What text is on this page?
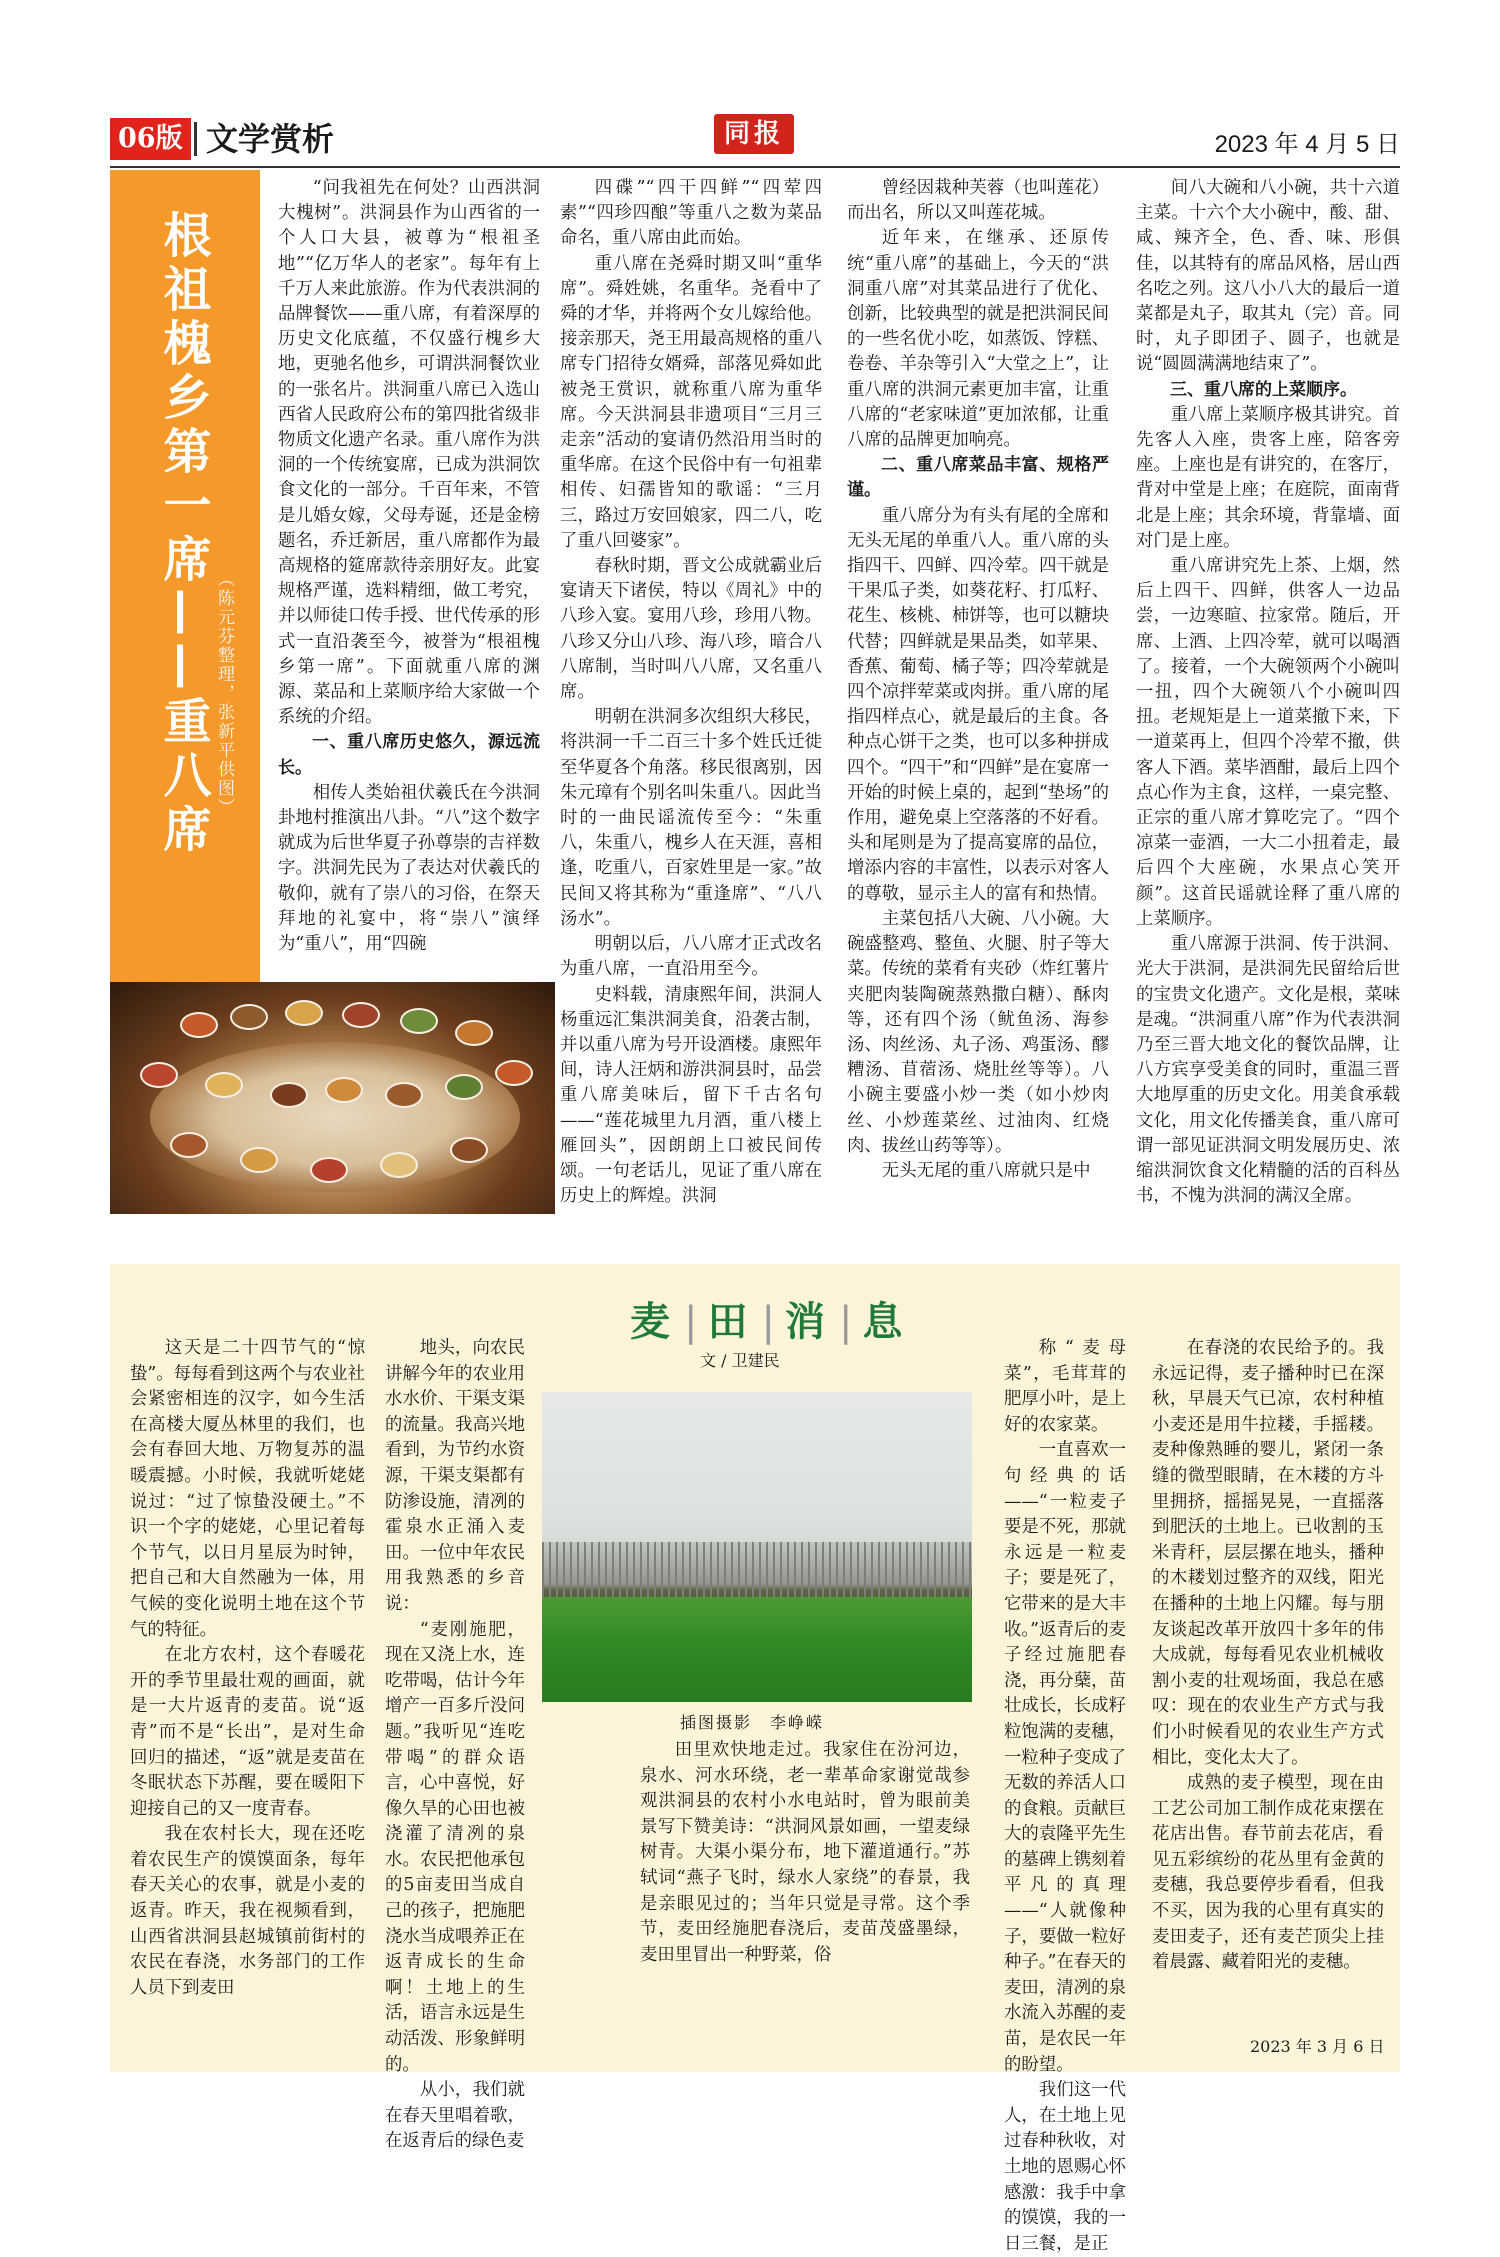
06版 文学赏析	同报	2023 年 4 月 5 日
根祖槐乡第一席——重八席 （陈元芬整理，张新平供图）

“问我祖先在何处？山西洪洞大槐树”。洪洞县作为山西省的一个人口大县，被尊为“根祖圣地”“亿万华人的老家”。每年有上千万人来此旅游。作为代表洪洞的品牌餐饮——重八席，有着深厚的历史文化底蕴，不仅盛行槐乡大地，更驰名他乡，可谓洪洞餐饮业的一张名片。洪洞重八席已入选山西省人民政府公布的第四批省级非物质文化遗产名录。重八席作为洪洞的一个传统宴席，已成为洪洞饮食文化的一部分。千百年来，不管是儿婚女嫁，父母寿诞，还是金榜题名，乔迁新居，重八席都作为最高规格的筵席款待亲朋好友。此宴规格严谨，选料精细，做工考究，并以师徒口传手授、世代传承的形式一直沿袭至今，被誉为“根祖槐乡第一席”。下面就重八席的渊源、菜品和上菜顺序给大家做一个系统的介绍。

一、重八席历史悠久，源远流长。

相传人类始祖伏羲氏在今洪洞卦地村推演出八卦。“八”这个数字就成为后世华夏子孙尊崇的吉祥数字。洪洞先民为了表达对伏羲氏的敬仰，就有了崇八的习俗，在祭天拜地的礼宴中，将“崇八”演绎为“重八”，用“四碗

四碟”“四干四鲜”“四荤四素”“四珍四酿”等重八之数为菜品命名，重八席由此而始。

重八席在尧舜时期又叫“重华席”。舜姓姚，名重华。尧看中了舜的才华，并将两个女儿嫁给他。接亲那天，尧王用最高规格的重八席专门招待女婿舜，部落见舜如此被尧王赏识，就称重八席为重华席。今天洪洞县非遗项目“三月三走亲”活动的宴请仍然沿用当时的重华席。在这个民俗中有一句祖辈相传、妇孺皆知的歌谣：“三月三，路过万安回娘家，四二八，吃了重八回婆家”。

春秋时期，晋文公成就霸业后宴请天下诸侯，特以《周礼》中的八珍入宴。宴用八珍，珍用八物。八珍又分山八珍、海八珍，暗合八八席制，当时叫八八席，又名重八席。

明朝在洪洞多次组织大移民，将洪洞一千二百三十多个姓氏迁徙至华夏各个角落。移民很离别，因朱元璋有个别名叫朱重八。因此当时的一曲民谣流传至今：“朱重八，朱重八，槐乡人在天涯，喜相逢，吃重八，百家姓里是一家。”故民间又将其称为“重逢席”、“八八汤水”。

明朝以后，八八席才正式改名为重八席，一直沿用至今。

史料载，清康熙年间，洪洞人杨重远汇集洪洞美食，沿袭古制，并以重八席为号开设酒楼。康熙年间，诗人汪炳和游洪洞县时，品尝重八席美味后，留下千古名句——“莲花城里九月酒，重八楼上雁回头”，因朗朗上口被民间传颂。一句老话儿，见证了重八席在历史上的辉煌。洪洞

曾经因栽种芙蓉（也叫莲花）而出名，所以又叫莲花城。

近年来，在继承、还原传统“重八席”的基础上，今天的“洪洞重八席”对其菜品进行了优化、创新，比较典型的就是把洪洞民间的一些名优小吃，如蒸饭、饽糕、卷卷、羊杂等引入“大堂之上”，让重八席的洪洞元素更加丰富，让重八席的“老家味道”更加浓郁，让重八席的品牌更加响亮。

二、重八席菜品丰富、规格严谨。

重八席分为有头有尾的全席和无头无尾的单重八人。重八席的头指四干、四鲜、四冷荤。四干就是干果瓜子类，如葵花籽、打瓜籽、花生、核桃、柿饼等，也可以糖块代替；四鲜就是果品类，如苹果、香蕉、葡萄、橘子等；四冷荤就是四个凉拌荤菜或肉拼。重八席的尾指四样点心，就是最后的主食。各种点心饼干之类，也可以多种拼成四个。“四干”和“四鲜”是在宴席一开始的时候上桌的，起到“垫场”的作用，避免桌上空落落的不好看。头和尾则是为了提高宴席的品位，增添内容的丰富性，以表示对客人的尊敬，显示主人的富有和热情。

主菜包括八大碗、八小碗。大碗盛整鸡、整鱼、火腿、肘子等大菜。传统的菜肴有夹砂（炸红薯片夹肥肉装陶碗蒸熟撒白糖）、酥肉等，还有四个汤（鱿鱼汤、海参汤、肉丝汤、丸子汤、鸡蛋汤、醪糟汤、苜蓿汤、烧肚丝等等）。八小碗主要盛小炒一类（如小炒肉丝、小炒莲菜丝、过油肉、红烧肉、拔丝山药等等）。

无头无尾的重八席就只是中

间八大碗和八小碗，共十六道主菜。十六个大小碗中，酸、甜、咸、辣齐全，色、香、味、形俱佳，以其特有的席品风格，居山西名吃之列。这八小八大的最后一道菜都是丸子，取其丸（完）音。同时，丸子即团子、圆子，也就是说“圆圆满满地结束了”。

三、重八席的上菜顺序。

重八席上菜顺序极其讲究。首先客人入座，贵客上座，陪客旁座。上座也是有讲究的，在客厅，背对中堂是上座；在庭院，面南背北是上座；其余环境，背靠墙、面对门是上座。

重八席讲究先上茶、上烟，然后上四干、四鲜，供客人一边品尝，一边寒暄、拉家常。随后，开席、上酒、上四冷荤，就可以喝酒了。接着，一个大碗领两个小碗叫一扭，四个大碗领八个小碗叫四扭。老规矩是上一道菜撤下来，下一道菜再上，但四个冷荤不撤，供客人下酒。菜毕酒酣，最后上四个点心作为主食，这样，一桌完整、正宗的重八席才算吃完了。“四个凉菜一壶酒，一大二小扭着走，最后四个大座碗，水果点心笑开颜”。这首民谣就诠释了重八席的上菜顺序。

重八席源于洪洞、传于洪洞、光大于洪洞，是洪洞先民留给后世的宝贵文化遗产。文化是根，菜味是魂。“洪洞重八席”作为代表洪洞乃至三晋大地文化的餐饮品牌，让八方宾享受美食的同时，重温三晋大地厚重的历史文化。用美食承载文化，用文化传播美食，重八席可谓一部见证洪洞文明发展历史、浓缩洪洞饮食文化精髓的活的百科丛书，不愧为洪洞的满汉全席。

麦|田|消|息
文 / 卫建民

这天是二十四节气的“惊蛰”。每每看到这两个与农业社会紧密相连的汉字，如今生活在高楼大厦丛林里的我们，也会有春回大地、万物复苏的温暖震撼。小时候，我就听姥姥说过：“过了惊蛰没硬土。”不识一个字的姥姥，心里记着每个节气，以日月星辰为时钟，把自己和大自然融为一体，用气候的变化说明土地在这个节气的特征。

在北方农村，这个春暖花开的季节里最壮观的画面，就是一大片返青的麦苗。说“返青”而不是“长出”，是对生命回归的描述，“返”就是麦苗在冬眠状态下苏醒，要在暖阳下迎接自己的又一度青春。

我在农村长大，现在还吃着农民生产的馍馍面条，每年春天关心的农事，就是小麦的返青。昨天，我在视频看到，山西省洪洞县赵城镇前街村的农民在春浇，水务部门的工作人员下到麦田

地头，向农民讲解今年的农业用水水价、干渠支渠的流量。我高兴地看到，为节约水资源，干渠支渠都有防渗设施，清冽的霍泉水正涌入麦田。一位中年农民用我熟悉的乡音说：

“麦刚施肥，现在又浇上水，连吃带喝，估计今年增产一百多斤没问题。”我听见“连吃带喝”的群众语言，心中喜悦，好像久旱的心田也被浇灌了清冽的泉水。农民把他承包的5亩麦田当成自己的孩子，把施肥浇水当成喂养正在返青成长的生命啊！土地上的生活，语言永远是生动活泼、形象鲜明的。

从小，我们就在春天里唱着歌，在返青后的绿色麦

插图摄影　李峥嵘

田里欢快地走过。我家住在汾河边，泉水、河水环绕，老一辈革命家谢觉哉参观洪洞县的农村小水电站时，曾为眼前美景写下赞美诗：“洪洞风景如画，一望麦绿树青。大渠小渠分布，地下灌道通行。”苏轼词“燕子飞时，绿水人家绕”的春景，我是亲眼见过的；当年只觉是寻常。这个季节，麦田经施肥春浇后，麦苗茂盛墨绿，麦田里冒出一种野菜，俗

称“麦母菜”，毛茸茸的肥厚小叶，是上好的农家菜。

一直喜欢一句经典的话——“一粒麦子要是不死，那就永远是一粒麦子；要是死了，它带来的是大丰收。”返青后的麦子经过施肥春浇，再分蘖，苗壮成长，长成籽粒饱满的麦穗，一粒种子变成了无数的养活人口的食粮。贡献巨大的袁隆平先生的墓碑上镌刻着平凡的真理——“人就像种子，要做一粒好种子。”在春天的麦田，清冽的泉水流入苏醒的麦苗，是农民一年的盼望。

我们这一代人，在土地上见过春种秋收，对土地的恩赐心怀感激：我手中拿的馍馍，我的一日三餐，是正

在春浇的农民给予的。我永远记得，麦子播种时已在深秋，早晨天气已凉，农村种植小麦还是用牛拉耧，手摇耧。麦种像熟睡的婴儿，紧闭一条缝的微型眼睛，在木耧的方斗里拥挤，摇摇晃晃，一直摇落到肥沃的土地上。已收割的玉米青秆，层层摞在地头，播种的木耧划过整齐的双线，阳光在播种的土地上闪耀。每与朋友谈起改革开放四十多年的伟大成就，每每看见农业机械收割小麦的壮观场面，我总在感叹：现在的农业生产方式与我们小时候看见的农业生产方式相比，变化太大了。

成熟的麦子模型，现在由工艺公司加工制作成花束摆在花店出售。春节前去花店，看见五彩缤纷的花丛里有金黄的麦穗，我总要停步看看，但我不买，因为我的心里有真实的麦田麦子，还有麦芒顶尖上挂着晨露、藏着阳光的麦穗。

2023 年 3 月 6 日
